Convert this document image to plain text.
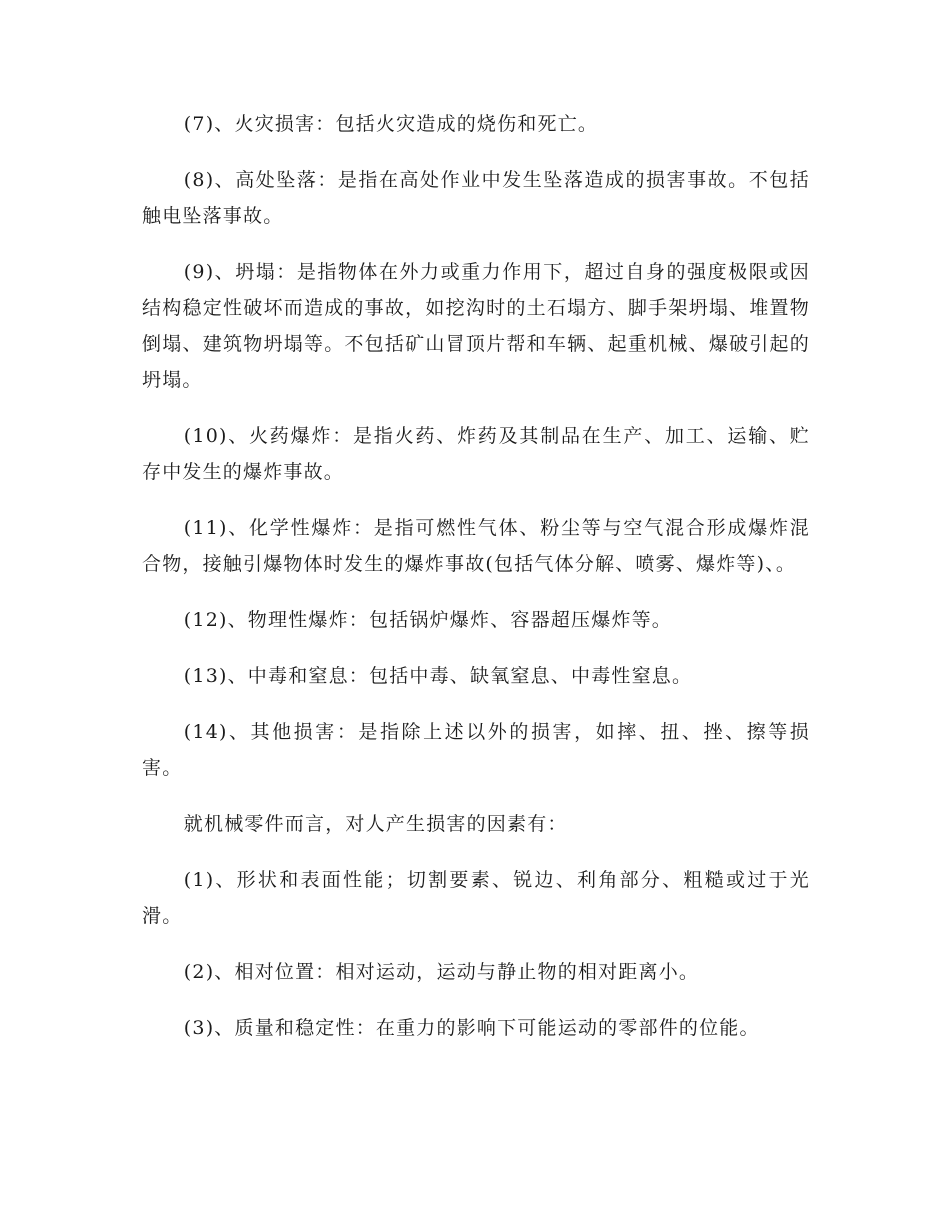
(7)、火灾损害：包括火灾造成的烧伤和死亡。

(8)、高处坠落：是指在高处作业中发生坠落造成的损害事故。不包括触电坠落事故。

(9)、坍塌：是指物体在外力或重力作用下，超过自身的强度极限或因结构稳定性破坏而造成的事故，如挖沟时的土石塌方、脚手架坍塌、堆置物倒塌、建筑物坍塌等。不包括矿山冒顶片帮和车辆、起重机械、爆破引起的坍塌。

(10)、火药爆炸：是指火药、炸药及其制品在生产、加工、运输、贮存中发生的爆炸事故。

(11)、化学性爆炸：是指可燃性气体、粉尘等与空气混合形成爆炸混合物，接触引爆物体时发生的爆炸事故(包括气体分解、喷雾、爆炸等)、。

(12)、物理性爆炸：包括锅炉爆炸、容器超压爆炸等。

(13)、中毒和窒息：包括中毒、缺氧窒息、中毒性窒息。

(14)、其他损害：是指除上述以外的损害，如摔、扭、挫、擦等损害。

就机械零件而言，对人产生损害的因素有：

(1)、形状和表面性能；切割要素、锐边、利角部分、粗糙或过于光滑。

(2)、相对位置：相对运动，运动与静止物的相对距离小。

(3)、质量和稳定性：在重力的影响下可能运动的零部件的位能。
